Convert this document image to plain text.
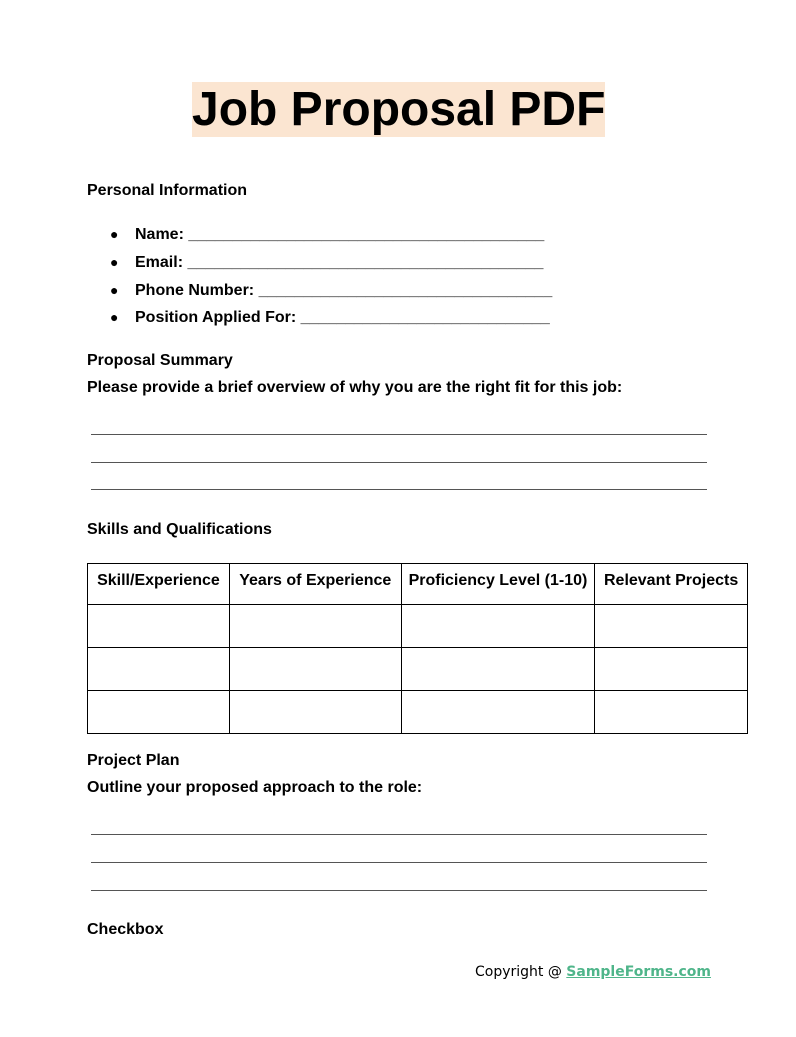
Job Proposal PDF
Personal Information
● Name: ________________________________________
● Email: ________________________________________
● Phone Number: _________________________________
● Position Applied For: ____________________________
Proposal Summary
Please provide a brief overview of why you are the right fit for this job:
Skills and Qualifications
Skill/Experience	Years of Experience	Proficiency Level (1-10)	Relevant Projects

Project Plan
Outline your proposed approach to the role:
Checkbox
Copyright @ SampleForms.com
